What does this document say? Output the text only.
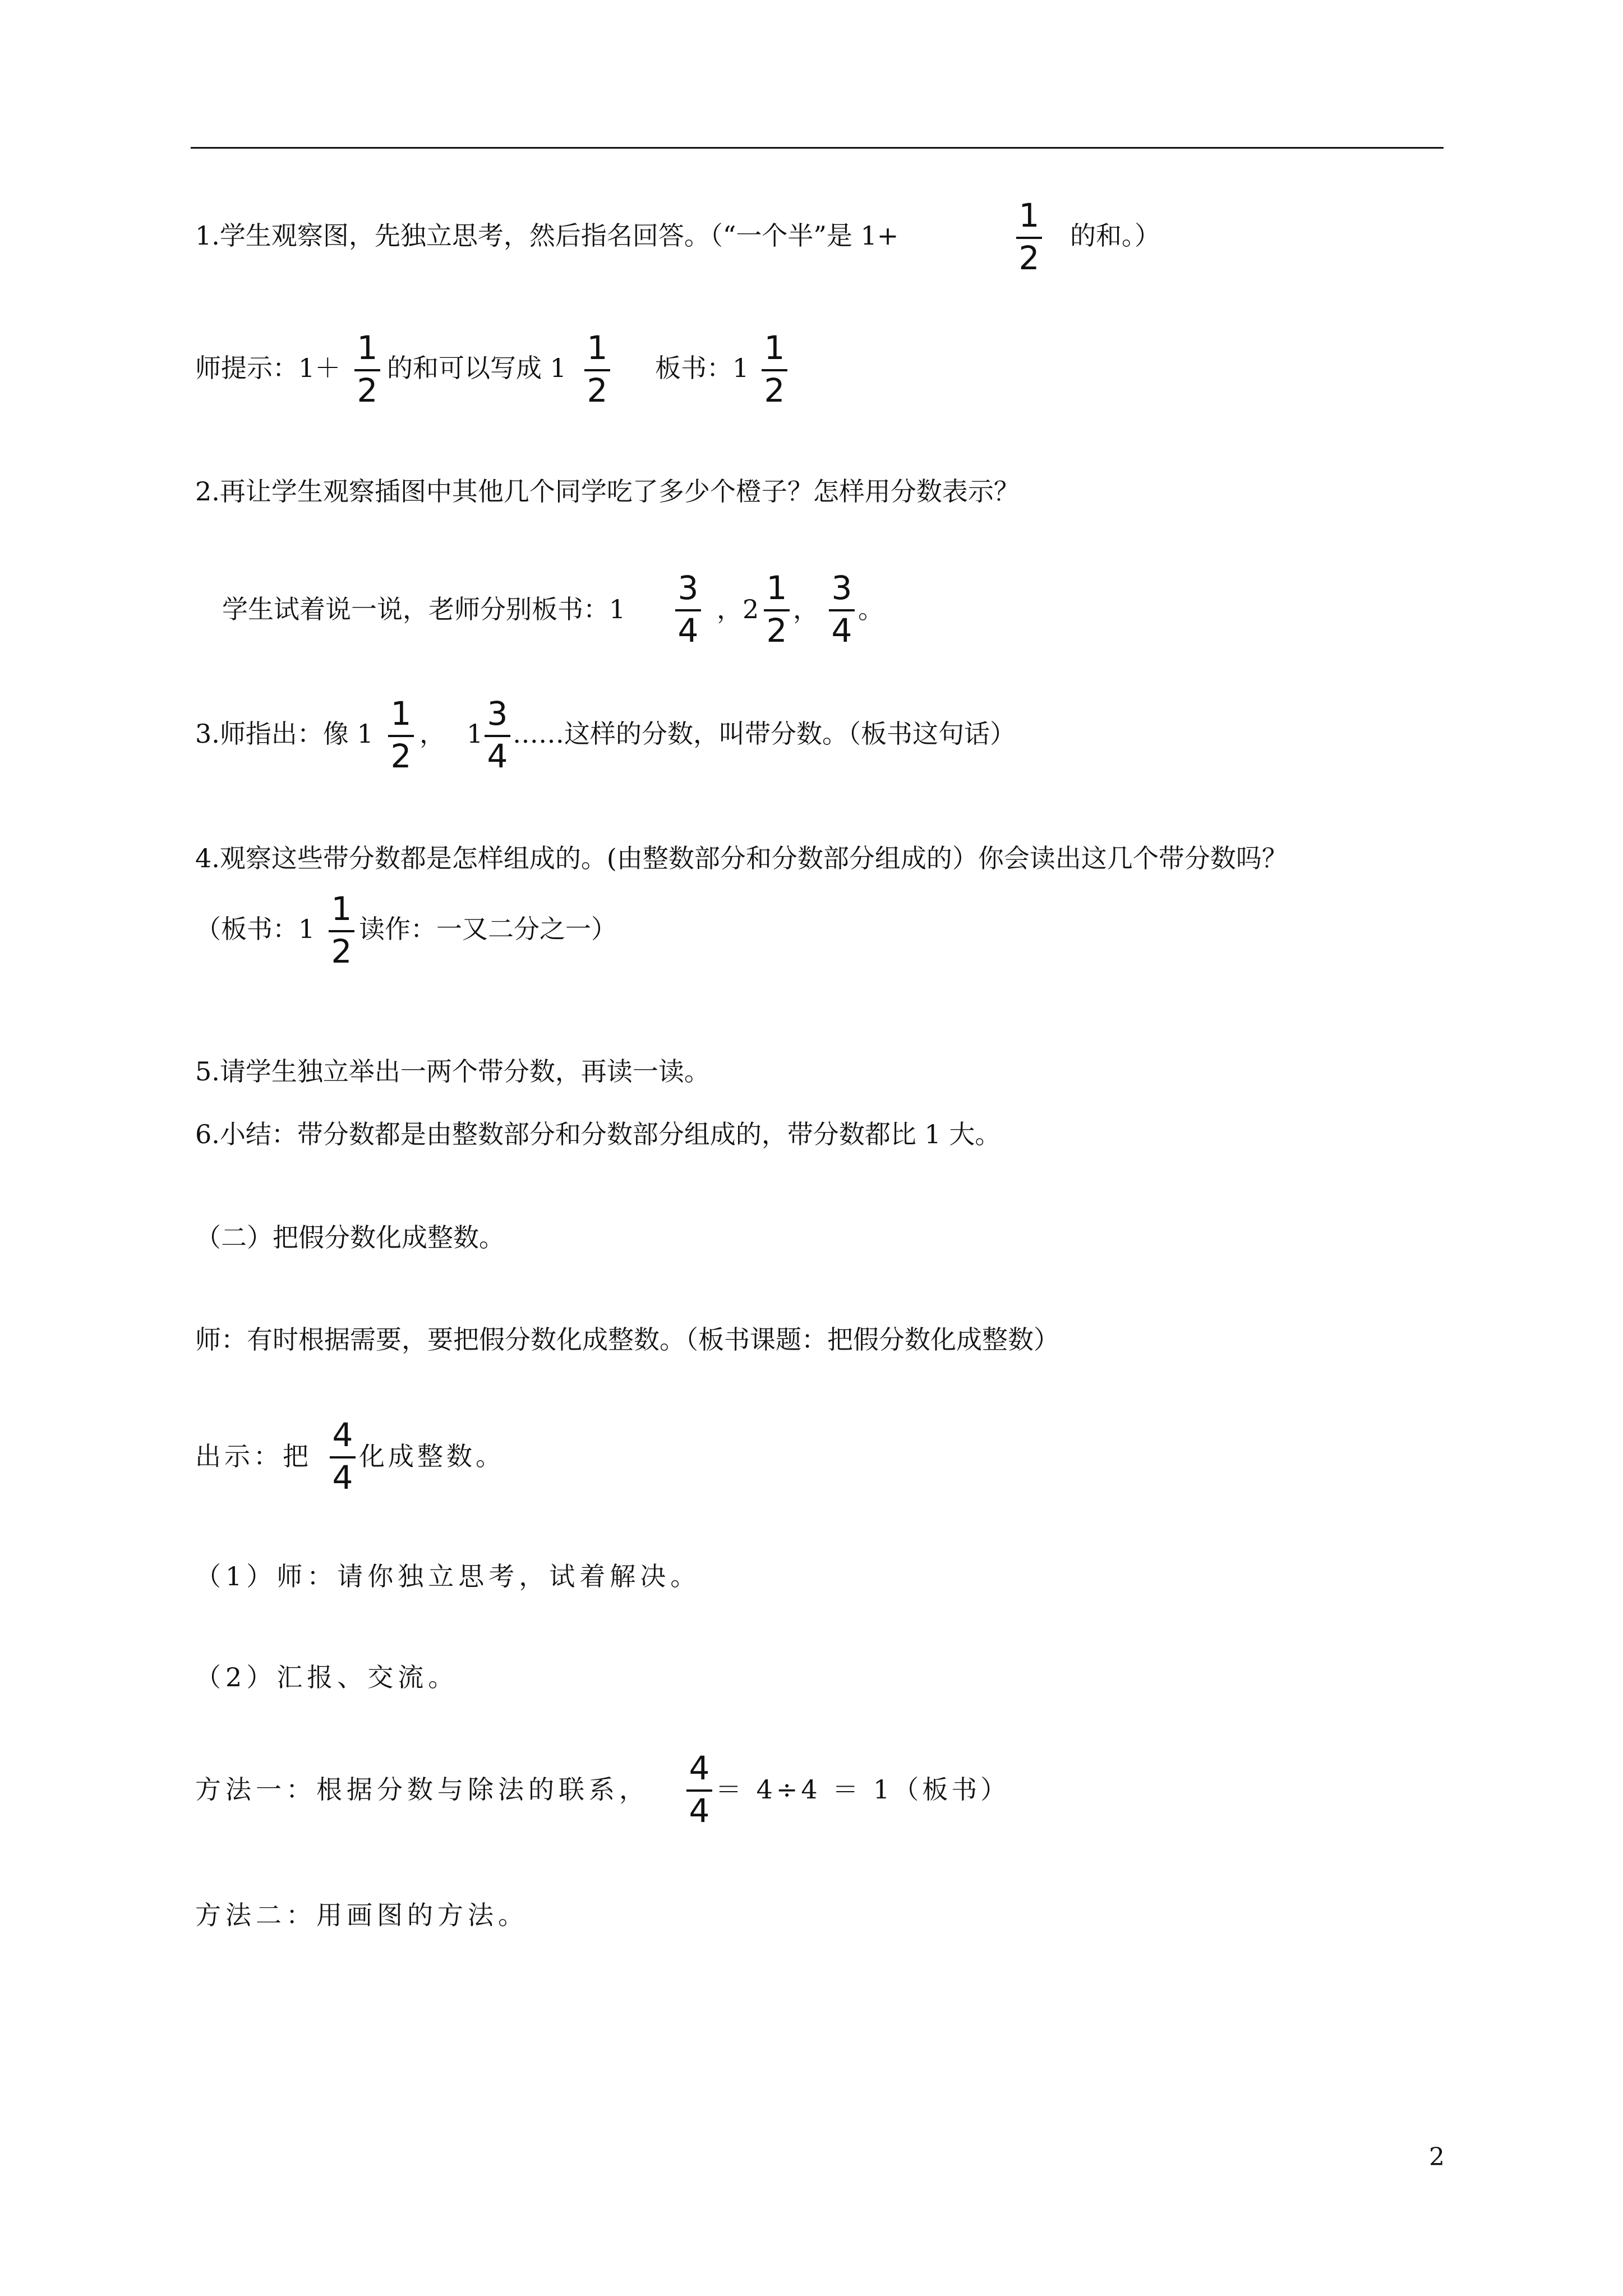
1.学生观察图，先独立思考，然后指名回答。（“一个半”是 1+
1
2
的和。）
师提示：1＋
1
2
的和可以写成 1
1
2
板书：1
1
2
2.再让学生观察插图中其他几个同学吃了多少个橙子？怎样用分数表示？
学生试着说一说，老师分别板书：1
3
4
，2
1
2
，
3
4
。
3.师指出：像 1
1
2
， 1
3
4
……这样的分数，叫带分数。（板书这句话）
4.观察这些带分数都是怎样组成的。(由整数部分和分数部分组成的）你会读出这几个带分数吗？
（板书：1
1
2
读作：一又二分之一）
5.请学生独立举出一两个带分数，再读一读。
6.小结：带分数都是由整数部分和分数部分组成的，带分数都比 1 大。
（二）把假分数化成整数。
师：有时根据需要，要把假分数化成整数。（板书课题：把假分数化成整数）
出示：把
4
4
化成整数。
（1）师：请你独立思考，试着解决。
（2）汇报、交流。
方法一：根据分数与除法的联系，
4
4
＝ 4÷4 ＝ 1（板书）
方法二：用画图的方法。
2
